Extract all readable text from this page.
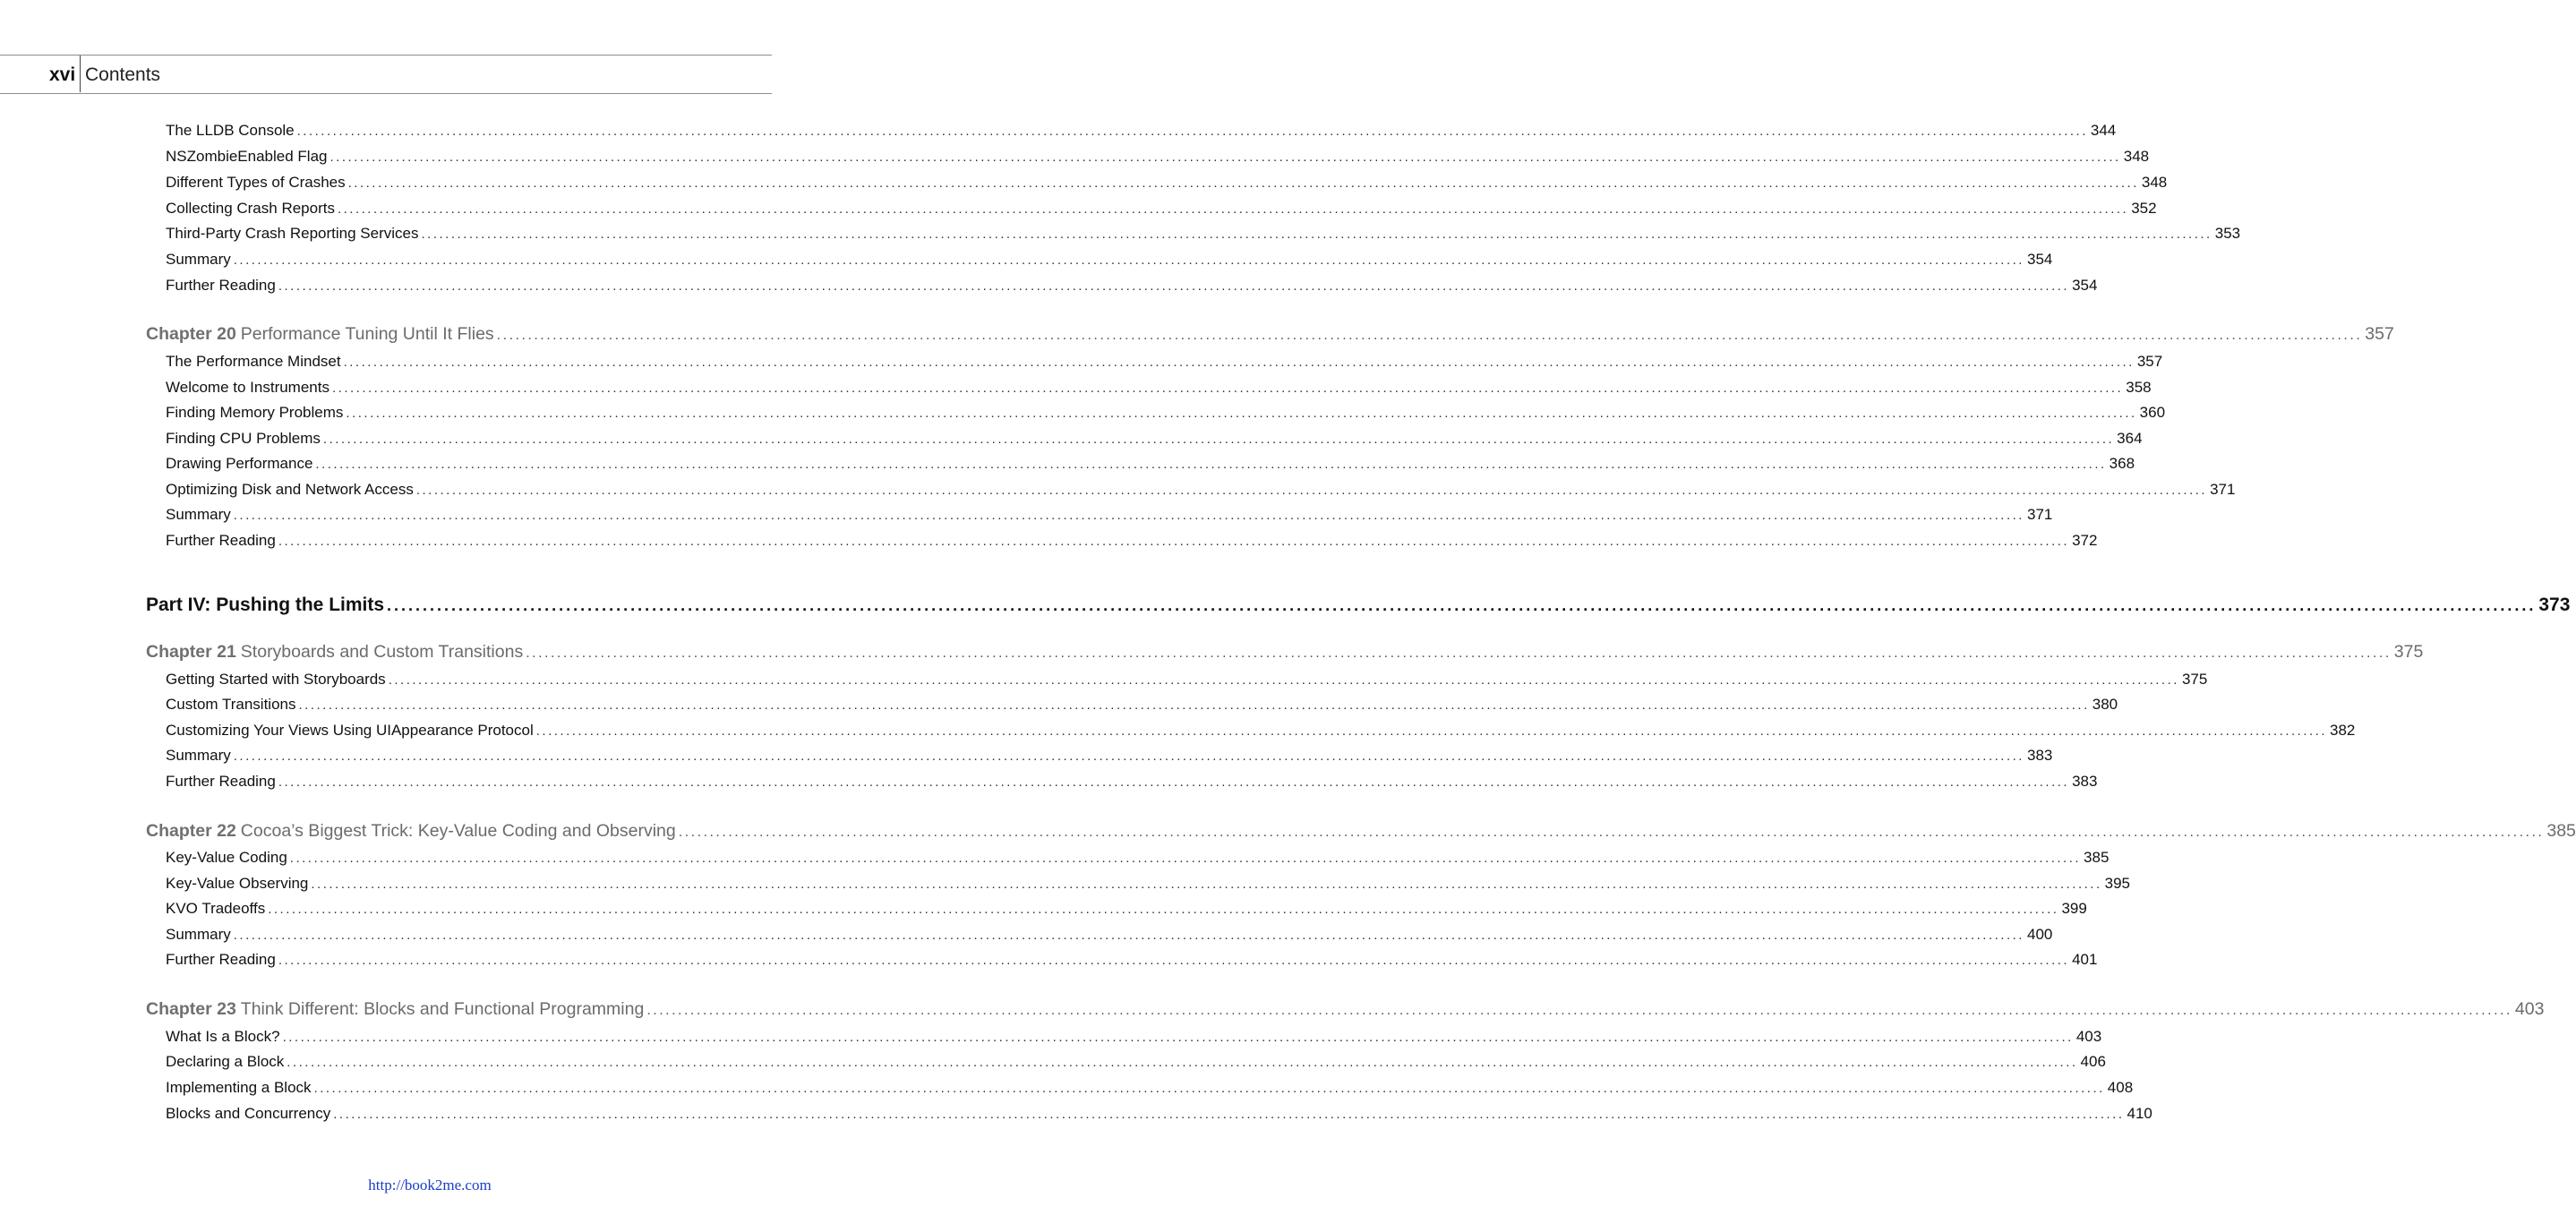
xvi Contents
The LLDB Console ............................................................................................................................................................................................................................................................................................................ 344
NSZombieEnabled Flag ............................................................................................................................................................................................................................................................................................................ 348
Different Types of Crashes ............................................................................................................................................................................................................................................................................................................ 348
Collecting Crash Reports ............................................................................................................................................................................................................................................................................................................ 352
Third-Party Crash Reporting Services ............................................................................................................................................................................................................................................................................................................ 353
Summary ............................................................................................................................................................................................................................................................................................................ 354
Further Reading ............................................................................................................................................................................................................................................................................................................ 354
Chapter 20 Performance Tuning Until It Flies ............................................................................................................................................................................................................................................................................................................ 357
The Performance Mindset ............................................................................................................................................................................................................................................................................................................ 357
Welcome to Instruments ............................................................................................................................................................................................................................................................................................................ 358
Finding Memory Problems ............................................................................................................................................................................................................................................................................................................ 360
Finding CPU Problems ............................................................................................................................................................................................................................................................................................................ 364
Drawing Performance ............................................................................................................................................................................................................................................................................................................ 368
Optimizing Disk and Network Access ............................................................................................................................................................................................................................................................................................................ 371
Summary ............................................................................................................................................................................................................................................................................................................ 371
Further Reading ............................................................................................................................................................................................................................................................................................................ 372
Part IV: Pushing the Limits ............................................................................................................................................................................................................................................................................................................ 373
Chapter 21 Storyboards and Custom Transitions ............................................................................................................................................................................................................................................................................................................ 375
Getting Started with Storyboards ............................................................................................................................................................................................................................................................................................................ 375
Custom Transitions ............................................................................................................................................................................................................................................................................................................ 380
Customizing Your Views Using UIAppearance Protocol ............................................................................................................................................................................................................................................................................................................ 382
Summary ............................................................................................................................................................................................................................................................................................................ 383
Further Reading ............................................................................................................................................................................................................................................................................................................ 383
Chapter 22 Cocoa’s Biggest Trick: Key-Value Coding and Observing ............................................................................................................................................................................................................................................................................................................ 385
Key-Value Coding ............................................................................................................................................................................................................................................................................................................ 385
Key-Value Observing ............................................................................................................................................................................................................................................................................................................ 395
KVO Tradeoffs ............................................................................................................................................................................................................................................................................................................ 399
Summary ............................................................................................................................................................................................................................................................................................................ 400
Further Reading ............................................................................................................................................................................................................................................................................................................ 401
Chapter 23 Think Different: Blocks and Functional Programming ............................................................................................................................................................................................................................................................................................................ 403
What Is a Block? ............................................................................................................................................................................................................................................................................................................ 403
Declaring a Block ............................................................................................................................................................................................................................................................................................................ 406
Implementing a Block ............................................................................................................................................................................................................................................................................................................ 408
Blocks and Concurrency ............................................................................................................................................................................................................................................................................................................ 410
http://book2me.com
